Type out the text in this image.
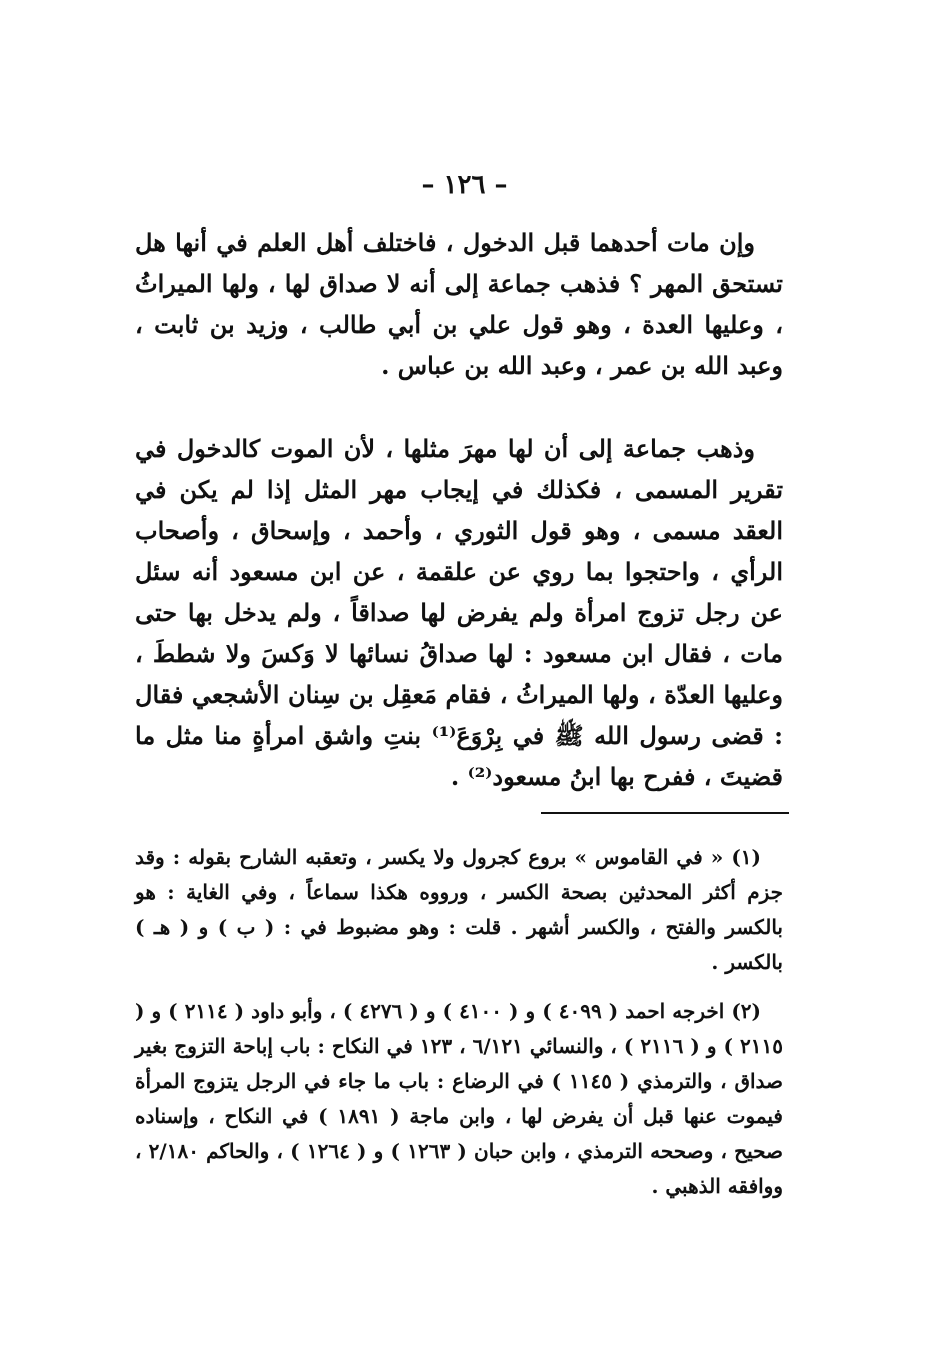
– ١٢٦ –

وإن مات أحدهما قبل الدخول ، فاختلف أهل العلم في أنها هل تستحق المهر ؟ فذهب جماعة إلى أنه لا صداق لها ، ولها الميراثُ ، وعليها العدة ، وهو قول علي بن أبي طالب ، وزيد بن ثابت ، وعبد الله بن عمر ، وعبد الله بن عباس .

وذهب جماعة إلى أن لها مهرَ مثلها ، لأن الموت كالدخول في تقرير المسمى ، فكذلك في إيجاب مهر المثل إذا لم يكن في العقد مسمى ، وهو قول الثوري ، وأحمد ، وإسحاق ، وأصحاب الرأي ، واحتجوا بما روي عن علقمة ، عن ابن مسعود أنه سئل عن رجل تزوج امرأة ولم يفرض لها صداقاً ، ولم يدخل بها حتى مات ، فقال ابن مسعود : لها صداقُ نسائها لا وَكسَ ولا شططَ ، وعليها العدّة ، ولها الميراثُ ، فقام مَعقِل بن سِنان الأشجعي فقال : قضى رسول الله ﷺ في بِرْوَعَ⁽¹⁾ بنتِ واشق امرأةٍ منا مثل ما قضيتَ ، ففرح بها ابنُ مسعود⁽²⁾ .

(١) « في القاموس » بروع كجرول ولا يكسر ، وتعقبه الشارح بقوله : وقد جزم أكثر المحدثين بصحة الكسر ، ورووه هكذا سماعاً ، وفي الغاية : هو بالكسر والفتح ، والكسر أشهر . قلت : وهو مضبوط في : ( ب ) و ( هـ ) بالكسر .

(٢) اخرجه احمد ( ٤٠٩٩ ) و ( ٤١٠٠ ) و ( ٤٢٧٦ ) ، وأبو داود ( ٢١١٤ ) و ( ٢١١٥ ) و ( ٢١١٦ ) ، والنسائي ٦/١٢١ ، ١٢٣ في النكاح : باب إباحة التزوج بغير صداق ، والترمذي ( ١١٤٥ ) في الرضاع : باب ما جاء في الرجل يتزوج المرأة فيموت عنها قبل أن يفرض لها ، وابن ماجة ( ١٨٩١ ) في النكاح ، وإسناده صحيح ، وصححه الترمذي ، وابن حبان ( ١٢٦٣ ) و ( ١٢٦٤ ) ، والحاكم ٢/١٨٠ ، ووافقه الذهبي .
